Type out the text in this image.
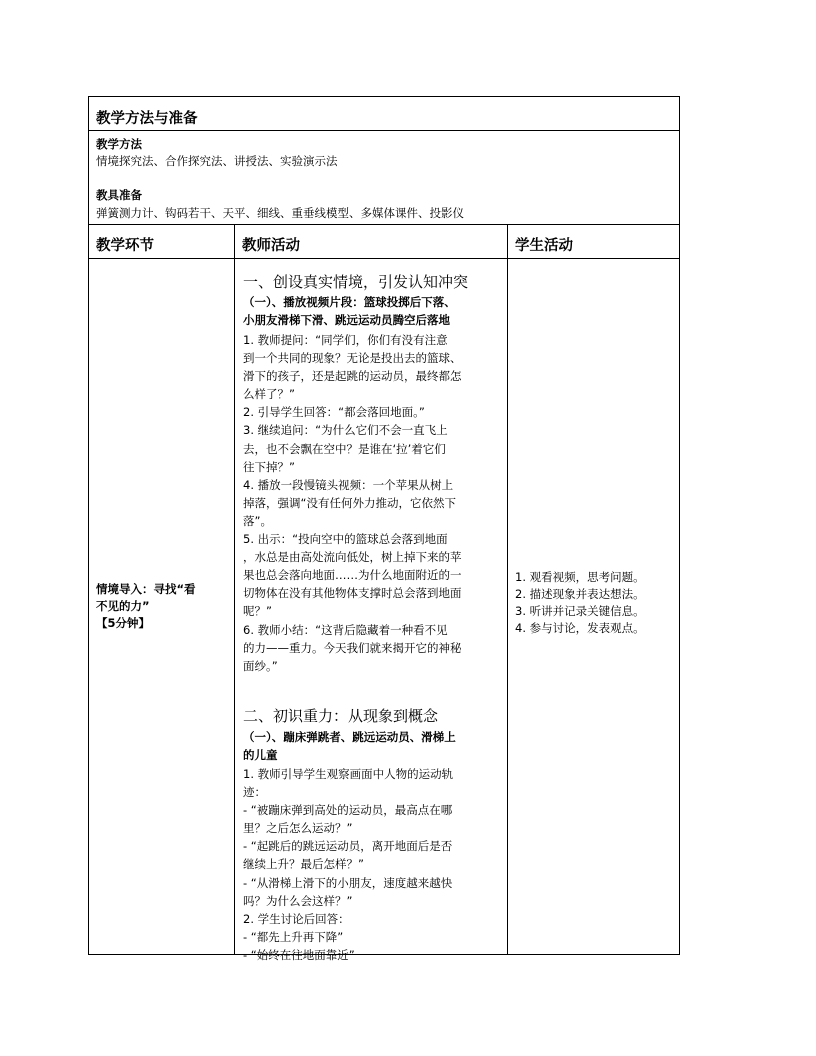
教学方法与准备
教学方法
情境探究法、合作探究法、讲授法、实验演示法
教具准备
弹簧测力计、钩码若干、天平、细线、重垂线模型、多媒体课件、投影仪
教学环节	教师活动	学生活动
情境导入：寻找“看
不见的力”
【5分钟】
一、创设真实情境，引发认知冲突
（一）、播放视频片段：篮球投掷后下落、
小朋友滑梯下滑、跳远运动员腾空后落地
1. 教师提问：“同学们，你们有没有注意
到一个共同的现象？无论是投出去的篮球、
滑下的孩子，还是起跳的运动员，最终都怎
么样了？”
2. 引导学生回答：“都会落回地面。”
3. 继续追问：“为什么它们不会一直飞上
去，也不会飘在空中？是谁在‘拉’着它们
往下掉？”
4. 播放一段慢镜头视频：一个苹果从树上
掉落，强调“没有任何外力推动，它依然下
落”。
5. 出示：“投向空中的篮球总会落到地面
，水总是由高处流向低处，树上掉下来的苹
果也总会落向地面……为什么地面附近的一
切物体在没有其他物体支撑时总会落到地面
呢？”
6. 教师小结：“这背后隐藏着一种看不见
的力——重力。今天我们就来揭开它的神秘
面纱。”
二、初识重力：从现象到概念
（一）、蹦床弹跳者、跳远运动员、滑梯上
的儿童
1. 教师引导学生观察画面中人物的运动轨
迹：
- “被蹦床弹到高处的运动员，最高点在哪
里？之后怎么运动？”
- “起跳后的跳远运动员，离开地面后是否
继续上升？最后怎样？”
- “从滑梯上滑下的小朋友，速度越来越快
吗？为什么会这样？”
2. 学生讨论后回答：
- “都先上升再下降”
- “始终在往地面靠近”
1. 观看视频，思考问题。
2. 描述现象并表达想法。
3. 听讲并记录关键信息。
4. 参与讨论，发表观点。
